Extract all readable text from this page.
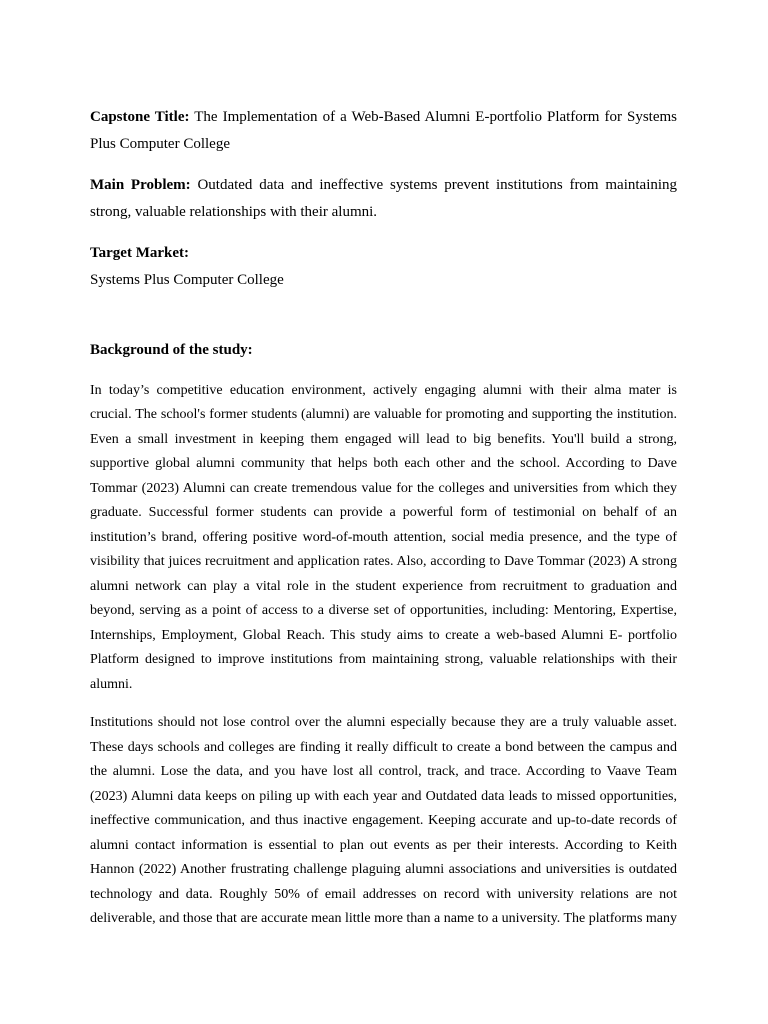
Capstone Title: The Implementation of a Web-Based Alumni E-portfolio Platform for Systems Plus Computer College

Main Problem: Outdated data and ineffective systems prevent institutions from maintaining strong, valuable relationships with their alumni.

Target Market:
Systems Plus Computer College

Background of the study:

In today’s competitive education environment, actively engaging alumni with their alma mater is crucial. The school's former students (alumni) are valuable for promoting and supporting the institution. Even a small investment in keeping them engaged will lead to big benefits. You'll build a strong, supportive global alumni community that helps both each other and the school. According to Dave Tommar (2023) Alumni can create tremendous value for the colleges and universities from which they graduate. Successful former students can provide a powerful form of testimonial on behalf of an institution’s brand, offering positive word-of-mouth attention, social media presence, and the type of visibility that juices recruitment and application rates. Also, according to Dave Tommar (2023) A strong alumni network can play a vital role in the student experience from recruitment to graduation and beyond, serving as a point of access to a diverse set of opportunities, including: Mentoring, Expertise, Internships, Employment, Global Reach. This study aims to create a web-based Alumni E- portfolio Platform designed to improve institutions from maintaining strong, valuable relationships with their alumni.

Institutions should not lose control over the alumni especially because they are a truly valuable asset. These days schools and colleges are finding it really difficult to create a bond between the campus and the alumni. Lose the data, and you have lost all control, track, and trace. According to Vaave Team (2023) Alumni data keeps on piling up with each year and Outdated data leads to missed opportunities, ineffective communication, and thus inactive engagement. Keeping accurate and up-to-date records of alumni contact information is essential to plan out events as per their interests. According to Keith Hannon (2022) Another frustrating challenge plaguing alumni associations and universities is outdated technology and data. Roughly 50% of email addresses on record with university relations are not deliverable, and those that are accurate mean little more than a name to a university. The platforms many
